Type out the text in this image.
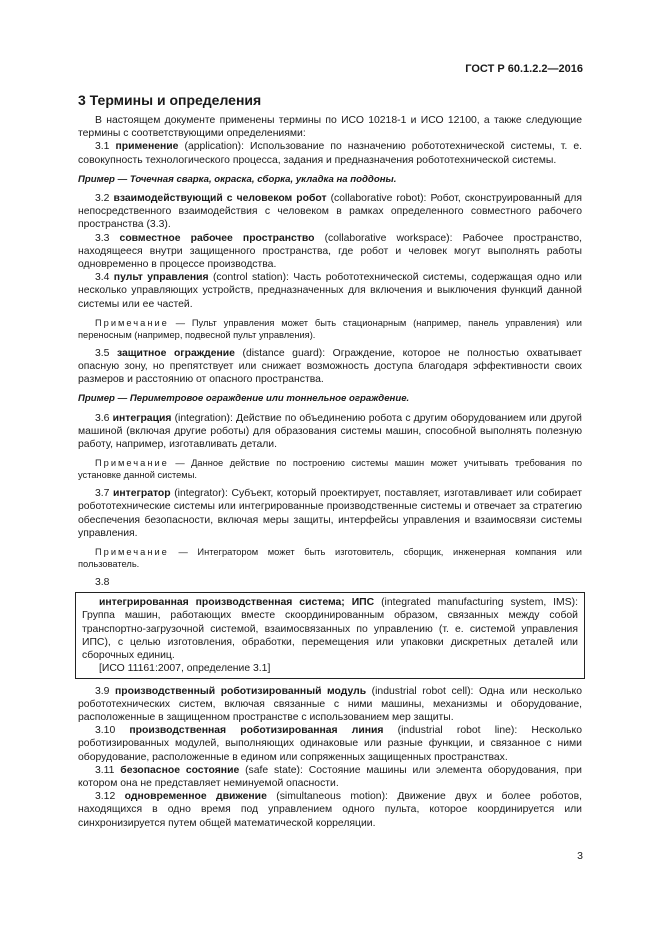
ГОСТ Р 60.1.2.2—2016
3 Термины и определения

В настоящем документе применены термины по ИСО 10218-1 и ИСО 12100, а также следующие термины с соответствующими определениями:

3.1 применение (application): Использование по назначению робототехнической системы, т. е. совокупность технологического процесса, задания и предназначения робототехнической системы.

Пример — Точечная сварка, окраска, сборка, укладка на поддоны.

3.2 взаимодействующий с человеком робот (collaborative robot): Робот, сконструированный для непосредственного взаимодействия с человеком в рамках определенного совместного рабочего пространства (3.3).

3.3 совместное рабочее пространство (collaborative workspace): Рабочее пространство, находящееся внутри защищенного пространства, где робот и человек могут выполнять работы одновременно в процессе производства.

3.4 пульт управления (control station): Часть робототехнической системы, содержащая одно или несколько управляющих устройств, предназначенных для включения и выключения функций данной системы или ее частей.

Примечание — Пульт управления может быть стационарным (например, панель управления) или переносным (например, подвесной пульт управления).

3.5 защитное ограждение (distance guard): Ограждение, которое не полностью охватывает опасную зону, но препятствует или снижает возможность доступа благодаря эффективности своих размеров и расстоянию от опасного пространства.

Пример — Периметровое ограждение или тоннельное ограждение.

3.6 интеграция (integration): Действие по объединению робота с другим оборудованием или другой машиной (включая другие роботы) для образования системы машин, способной выполнять полезную работу, например, изготавливать детали.

Примечание — Данное действие по построению системы машин может учитывать требования по установке данной системы.

3.7 интегратор (integrator): Субъект, который проектирует, поставляет, изготавливает или собирает робототехнические системы или интегрированные производственные системы и отвечает за стратегию обеспечения безопасности, включая меры защиты, интерфейсы управления и взаимосвязи системы управления.

Примечание — Интегратором может быть изготовитель, сборщик, инженерная компания или пользователь.

3.8

интегрированная производственная система; ИПС (integrated manufacturing system, IMS): Группа машин, работающих вместе скоординированным образом, связанных между собой транспортно-загрузочной системой, взаимосвязанных по управлению (т. е. системой управления ИПС), с целью изготовления, обработки, перемещения или упаковки дискретных деталей или сборочных единиц.

[ИСО 11161:2007, определение 3.1]

3.9 производственный роботизированный модуль (industrial robot cell): Одна или несколько робототехнических систем, включая связанные с ними машины, механизмы и оборудование, расположенные в защищенном пространстве с использованием мер защиты.

3.10 производственная роботизированная линия (industrial robot line): Несколько роботизированных модулей, выполняющих одинаковые или разные функции, и связанное с ними оборудование, расположенные в едином или сопряженных защищенных пространствах.

3.11 безопасное состояние (safe state): Состояние машины или элемента оборудования, при котором она не представляет неминуемой опасности.

3.12 одновременное движение (simultaneous motion): Движение двух и более роботов, находящихся в одно время под управлением одного пульта, которое координируется или синхронизируется путем общей математической корреляции.

3
